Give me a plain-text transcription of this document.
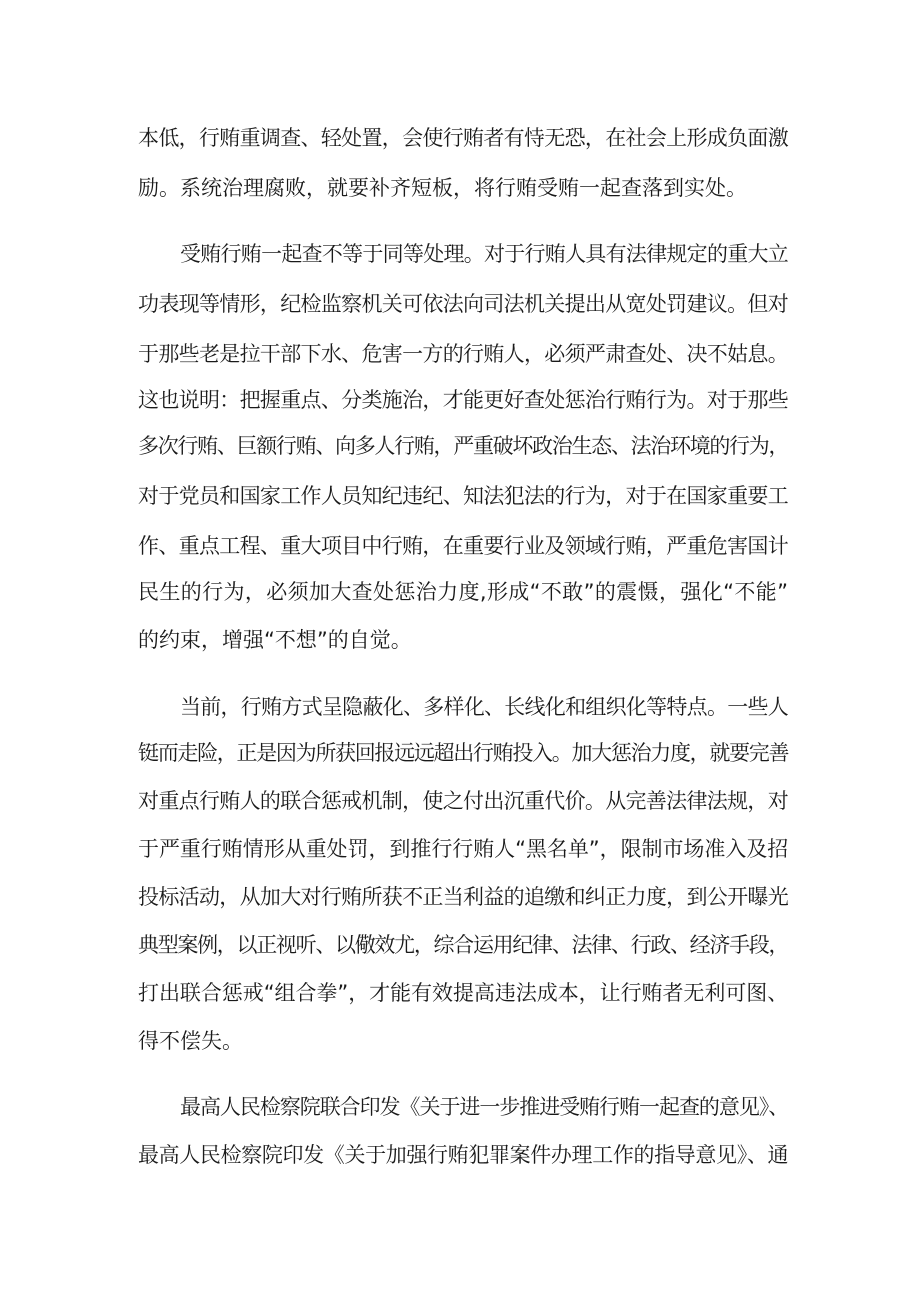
本低，行贿重调查、轻处置，会使行贿者有恃无恐，在社会上形成负面激
励。系统治理腐败，就要补齐短板，将行贿受贿一起查落到实处。
受贿行贿一起查不等于同等处理。对于行贿人具有法律规定的重大立
功表现等情形，纪检监察机关可依法向司法机关提出从宽处罚建议。但对
于那些老是拉干部下水、危害一方的行贿人，必须严肃查处、决不姑息。
这也说明：把握重点、分类施治，才能更好查处惩治行贿行为。对于那些
多次行贿、巨额行贿、向多人行贿，严重破坏政治生态、法治环境的行为，
对于党员和国家工作人员知纪违纪、知法犯法的行为，对于在国家重要工
作、重点工程、重大项目中行贿，在重要行业及领域行贿，严重危害国计
民生的行为，必须加大查处惩治力度,形成“不敢”的震慑，强化“不能”
的约束，增强“不想”的自觉。
当前，行贿方式呈隐蔽化、多样化、长线化和组织化等特点。一些人
铤而走险，正是因为所获回报远远超出行贿投入。加大惩治力度，就要完善
对重点行贿人的联合惩戒机制，使之付出沉重代价。从完善法律法规，对
于严重行贿情形从重处罚，到推行行贿人“黑名单”，限制市场准入及招
投标活动，从加大对行贿所获不正当利益的追缴和纠正力度，到公开曝光
典型案例，以正视听、以儆效尤，综合运用纪律、法律、行政、经济手段，
打出联合惩戒“组合拳”，才能有效提高违法成本，让行贿者无利可图、
得不偿失。
最高人民检察院联合印发《关于进一步推进受贿行贿一起查的意见》、
最高人民检察院印发《关于加强行贿犯罪案件办理工作的指导意见》、通
